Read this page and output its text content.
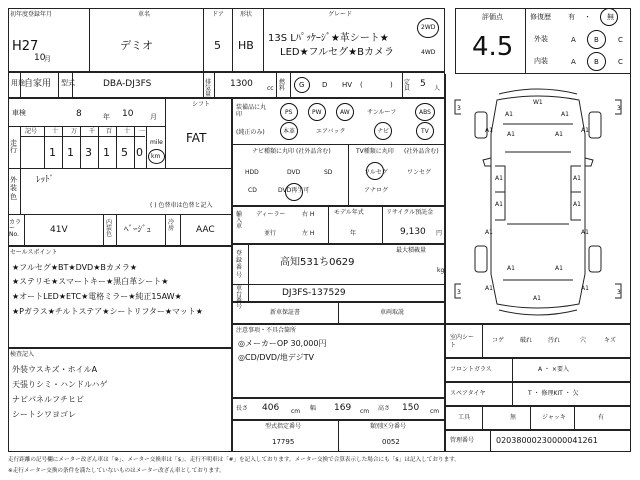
初年度登録年月
H27
10
月
車名
デミオ
ドア
5
形状
HB
グレード
13S Lﾊﾟｯｹｰｼﾞ★革シート★
LED★フルセグ★Bカメラ
2WD
4WD
評価点
4.5
修復歴 有 ・ 無
外装	A	B	C
内装	A	B	C
用途 自家用 型式	DBA-DJ3FS	排気量
1300 cc
燃料 G	D HV (	) 定員 5 人
車検	8	年 10 月
シフト
FAT
走行
記号 十 万 千 百 十 一
1 1 3 1 5 0 km
mile
外装色
ﾚｯﾄﾞ
( ) 色替車は色替と記入
カラー No.	41V
内装色 ﾍﾞｰｼﾞｭ
冷房 AAC
装備品に丸印
(純正のみ)
PS	PW	AW	サンルーフ	ABS
本革	エアバック	ナビ	TV
ナビ種類に丸印 (社外品含む)
HDD	DVD	SD
CD	DVD再生可
TV種類に丸印 (社外品含む)
フルセグ	ワンセグ
アナログ
輸入車
ディーラー
並行
右 H
左 H
モデル年式
年
リサイクル預託金
9,130 円
セールスポイント
★フルセグ★BT★DVD★Bカメラ★
★ステリモ★スマートキー★黒白革シート★
★オートLED★ETC★電格ミラー★純正15AW★
★Pガラス★チルトステア★シートリフター★マット★
検査記入
外装ウスキズ・ホイルA
天張りシミ・ハンドルハゲ
ナビパネルフチヒビ
シートシワヨゴレ
最大積載量
kg
登録番号
高知531ち0629
車台番号
DJ3FS-137529
新車保証書	車両取説
注意事項・不具合箇所
◎メーカーOP 30,000円
◎CD/DVD/地デジTV
長さ 406 cm 幅 169 cm 高さ 150 cm
型式指定番号
17795
類別区分番号
0052
W1
A1	A1
A1	A1
A1	A1
A1	A1
A1	A1
A1	A1
A1	A1
A1	A1
A1
3	3
3	3
室内シート
コゲ	破れ	汚れ	穴	キズ
フロントガラス	A ・ ×要入
スペアタイヤ	T ・ 修理KIT ・ 欠
工具	無	ジャッキ	有
管理番号	02038000230000041261
走行距離の記号欄にメーター改ざん車は「※」、メーター交換車は「$」、走行不明車は「#」を記入しております。メーター交換で合算表示した場合にも「$」は記入しております。
※走行メーター交換の条件を満たしていないものはメーター改ざん車としております。
